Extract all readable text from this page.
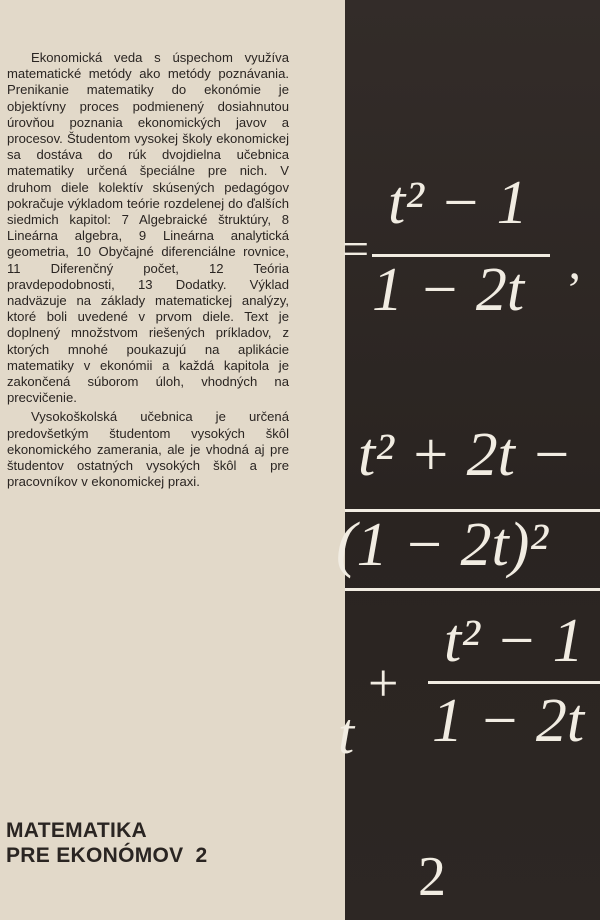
Ekonomická veda s úspechom využíva matematické metódy ako metódy poznávania. Prenikanie matematiky do ekonómie je objektívny proces podmienený dosiahnutou úrovňou poznania ekonomických javov a procesov. Študentom vysokej školy ekonomickej sa dostáva do rúk dvojdielna učebnica matematiky určená špeciálne pre nich. V druhom diele kolektív skúsených pedagógov pokračuje výkladom teórie rozdelenej do ďalších siedmich kapitol: 7 Algebraické štruktúry, 8 Lineárna algebra, 9 Lineárna analytická geometria, 10 Obyčajné diferenciálne rovnice, 11 Diferenčný počet, 12 Teória pravdepodobnosti, 13 Dodatky. Výklad nadväzuje na základy matematickej analýzy, ktoré boli uvedené v prvom diele. Text je doplnený množstvom riešených príkladov, z ktorých mnohé poukazujú na aplikácie matematiky v ekonómii a každá kapitola je zakončená súborom úloh, vhodných na precvičenie.

Vysokoškolská učebnica je určená predovšetkým študentom vysokých škôl ekonomického zamerania, ale je vhodná aj pre študentov ostatných vysokých škôl a pre pracovníkov v ekonomickej praxi.

MATEMATIKA
PRE EKONÓMOV 2
=
t² − 1
1 − 2t ’
t² + 2t −
(1 − 2t)²
t
+
t² − 1
1 − 2t
2
